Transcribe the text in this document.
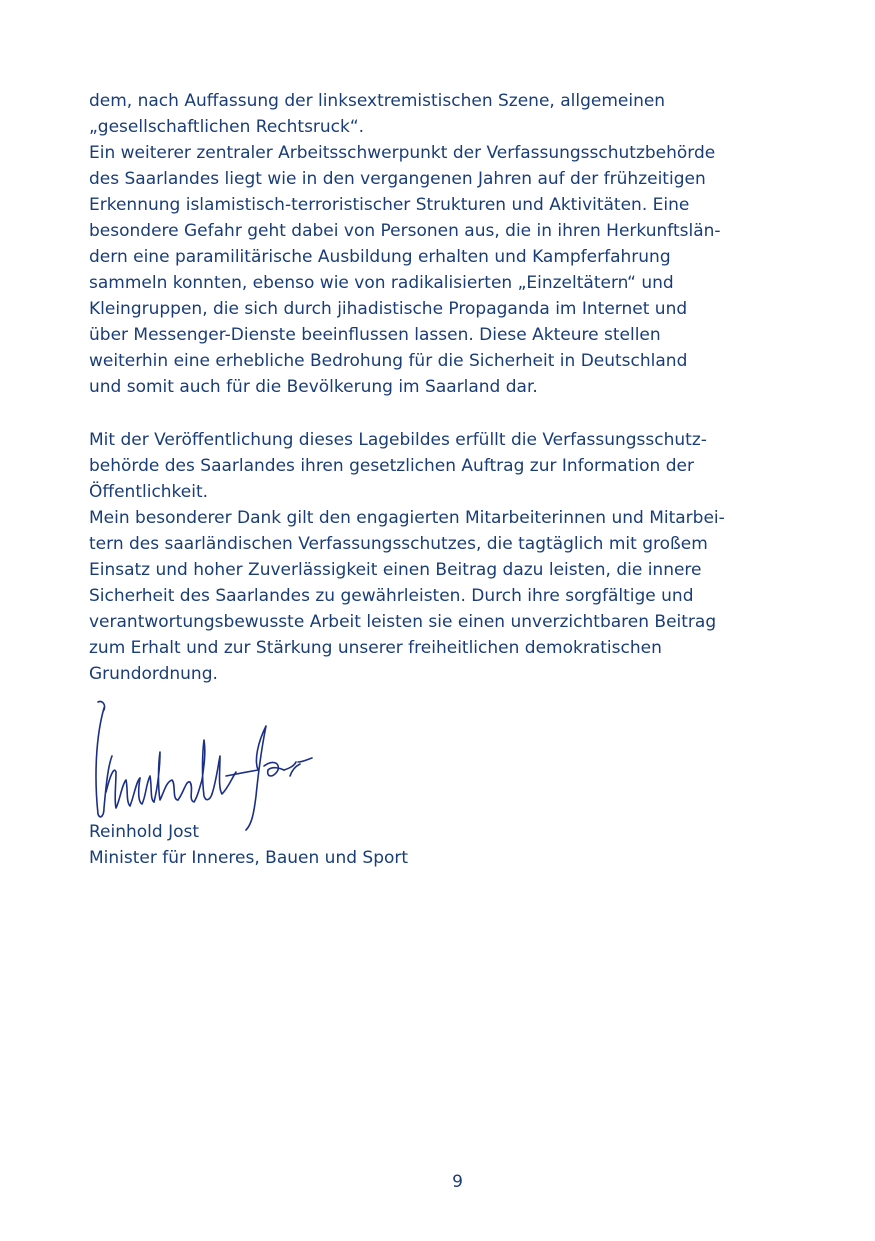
dem, nach Auffassung der linksextremistischen Szene, allgemeinen
„gesellschaftlichen Rechtsruck“.

Ein weiterer zentraler Arbeitsschwerpunkt der Verfassungsschutzbehörde
des Saarlandes liegt wie in den vergangenen Jahren auf der frühzeitigen
Erkennung islamistisch-terroristischer Strukturen und Aktivitäten. Eine
besondere Gefahr geht dabei von Personen aus, die in ihren Herkunftslän-
dern eine paramilitärische Ausbildung erhalten und Kampferfahrung
sammeln konnten, ebenso wie von radikalisierten „Einzeltätern“ und
Kleingruppen, die sich durch jihadistische Propaganda im Internet und
über Messenger-Dienste beeinflussen lassen. Diese Akteure stellen
weiterhin eine erhebliche Bedrohung für die Sicherheit in Deutschland
und somit auch für die Bevölkerung im Saarland dar.

Mit der Veröffentlichung dieses Lagebildes erfüllt die Verfassungsschutz-
behörde des Saarlandes ihren gesetzlichen Auftrag zur Information der
Öffentlichkeit.

Mein besonderer Dank gilt den engagierten Mitarbeiterinnen und Mitarbei-
tern des saarländischen Verfassungsschutzes, die tagtäglich mit großem
Einsatz und hoher Zuverlässigkeit einen Beitrag dazu leisten, die innere
Sicherheit des Saarlandes zu gewährleisten. Durch ihre sorgfältige und
verantwortungsbewusste Arbeit leisten sie einen unverzichtbaren Beitrag
zum Erhalt und zur Stärkung unserer freiheitlichen demokratischen
Grundordnung.

Reinhold Jost
Minister für Inneres, Bauen und Sport
9
